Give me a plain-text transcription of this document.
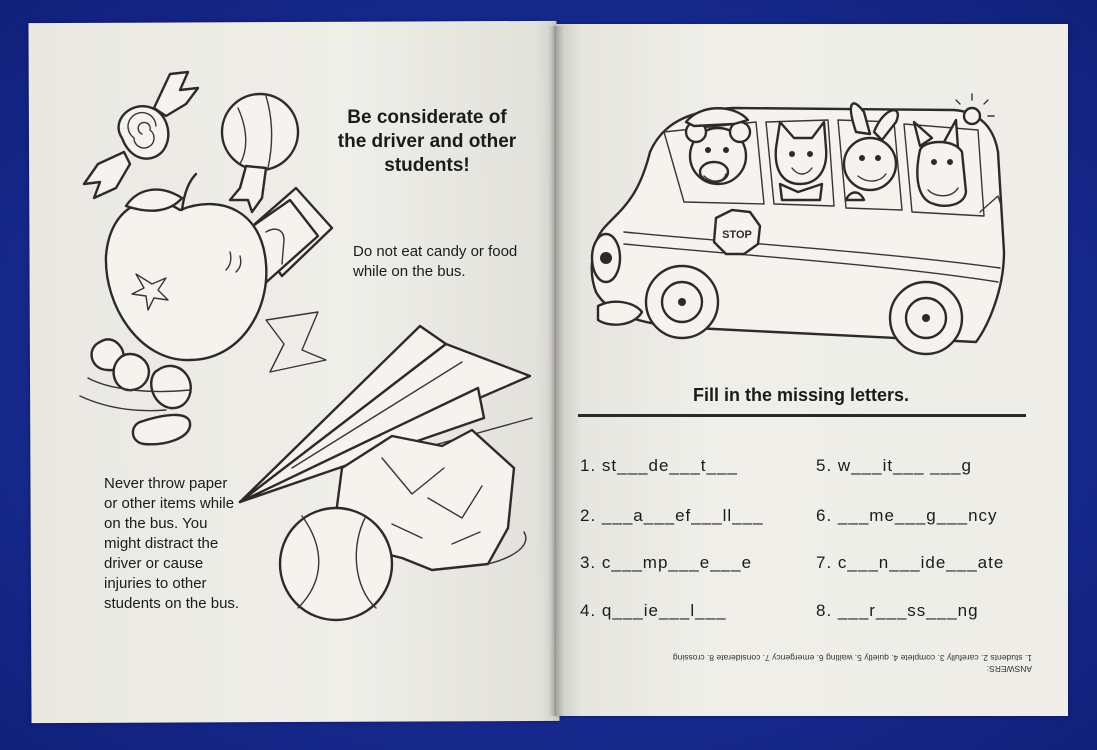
Be considerate of the driver and other students!
Do not eat candy or food while on the bus.
Never throw paper or other items while on the bus. You might distract the driver or cause injuries to other students on the bus.
STOP
Fill in the missing letters.
1. st___de___t___
2. ___a___ef___ll___
3. c___mp___e___e
4. q___ie___l___
5. w___it___ ___g
6. ___me___g___ncy
7. c___n___ide___ate
8. ___r___ss___ng
ANSWERS:
1. students 2. carefully 3. complete 4. quietly 5. waiting 6. emergency 7. considerate 8. crossing
